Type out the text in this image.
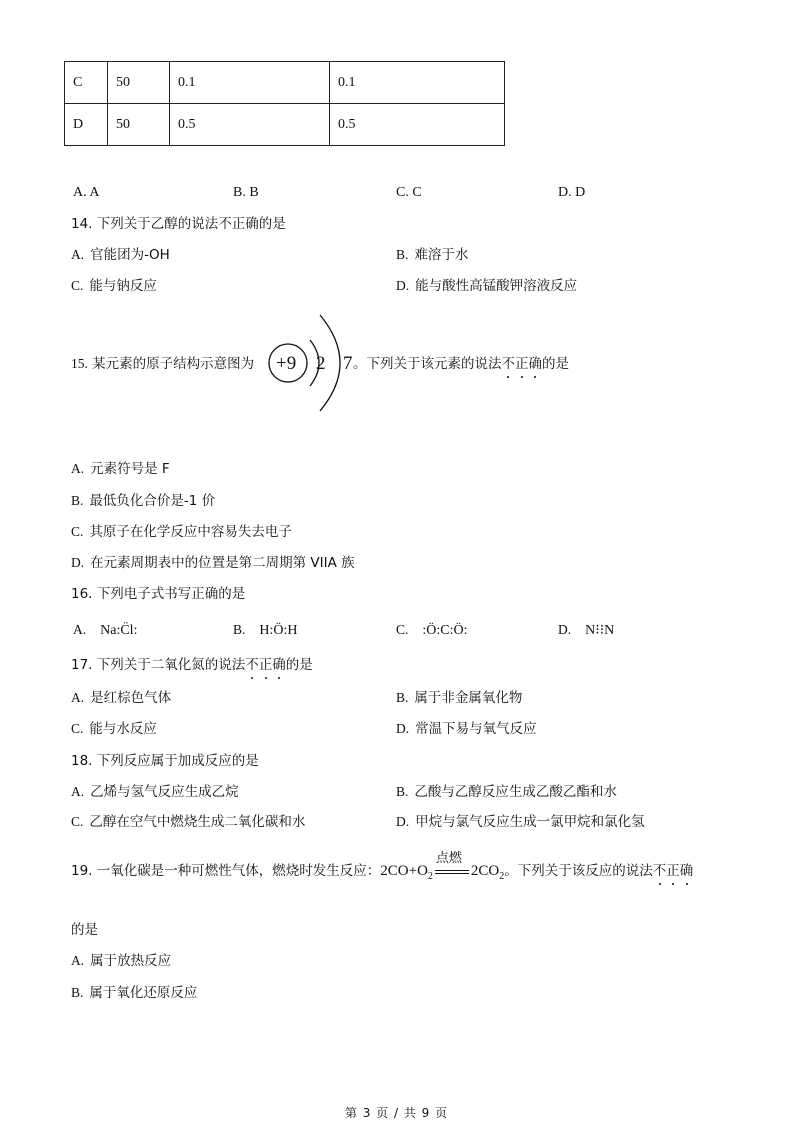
C	50	0.1	0.1
D	50	0.5	0.5
A. A	B. B	C. C	D. D
14. 下列关于乙醇的说法不正确的是
A. 官能团为-OH	B. 难溶于水
C. 能与钠反应	D. 能与酸性高锰酸钾溶液反应
15. 某元素的原子结构示意图为 +9 2 7 。下列关于该元素的说法不正确的是
A. 元素符号是 F
B. 最低负化合价是-1 价
C. 其原子在化学反应中容易失去电子
D. 在元素周期表中的位置是第二周期第 VIIA 族
16. 下列电子式书写正确的是
A. Na:C̈l:	B. H:Ö:H	C. :Ö:C:Ö:	D. N⁝⁝N
17. 下列关于二氧化氮的说法不正确的是
A. 是红棕色气体	B. 属于非金属氧化物
C. 能与水反应	D. 常温下易与氧气反应
18. 下列反应属于加成反应的是
A. 乙烯与氢气反应生成乙烷	B. 乙酸与乙醇反应生成乙酸乙酯和水
C. 乙醇在空气中燃烧生成二氧化碳和水	D. 甲烷与氯气反应生成一氯甲烷和氯化氢
19. 一氧化碳是一种可燃性气体，燃烧时发生反应：$2CO+O_2$
点燃
$2CO_2$。下列关于该反应的说法不正确
的是
A. 属于放热反应
B. 属于氧化还原反应
第 3 页 / 共 9 页
